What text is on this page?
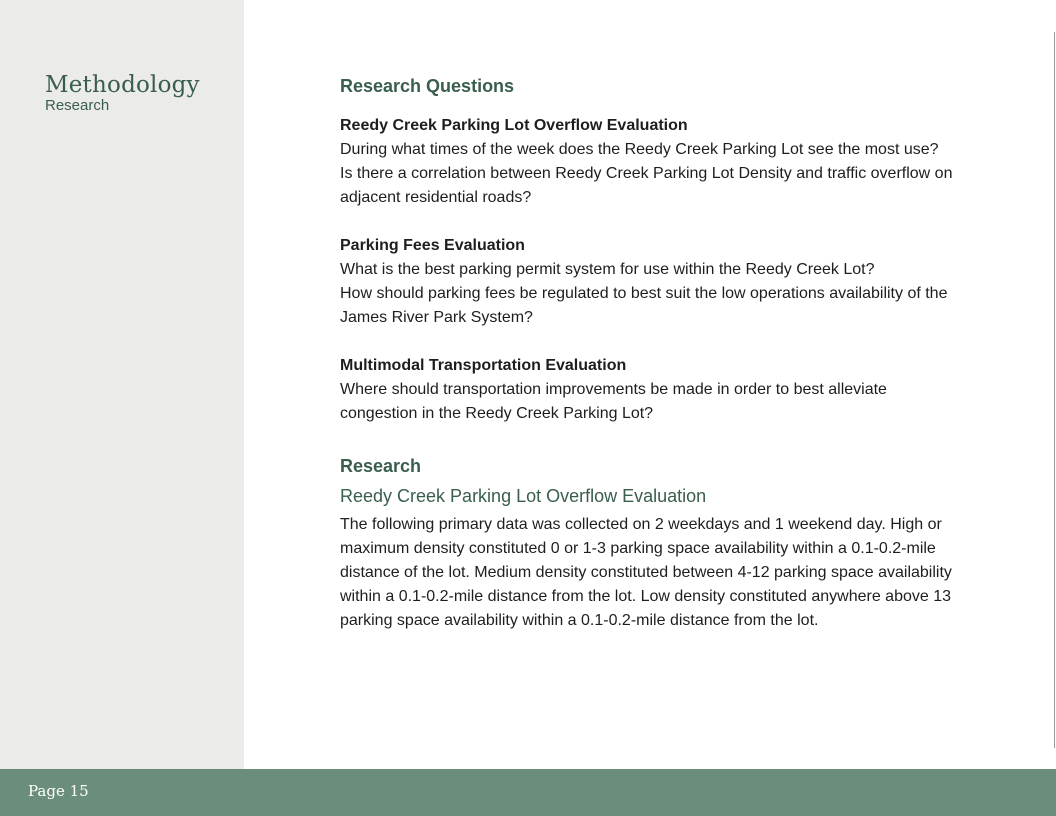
Methodology
Research
Research Questions
Reedy Creek Parking Lot Overflow Evaluation
During what times of the week does the Reedy Creek Parking Lot see the most use?
Is there a correlation between Reedy Creek Parking Lot Density and traffic overflow on adjacent residential roads?
Parking Fees Evaluation
What is the best parking permit system for use within the Reedy Creek Lot?
How should parking fees be regulated to best suit the low operations availability of the James River Park System?
Multimodal Transportation Evaluation
Where should transportation improvements be made in order to best alleviate congestion in the Reedy Creek Parking Lot?
Research
Reedy Creek Parking Lot Overflow Evaluation
The following primary data was collected on 2 weekdays and 1 weekend day. High or maximum density constituted 0 or 1-3 parking space availability within a 0.1-0.2-mile distance of the lot. Medium density constituted between 4-12 parking space availability within a 0.1-0.2-mile distance from the lot. Low density constituted anywhere above 13 parking space availability within a 0.1-0.2-mile distance from the lot.
Page 15
